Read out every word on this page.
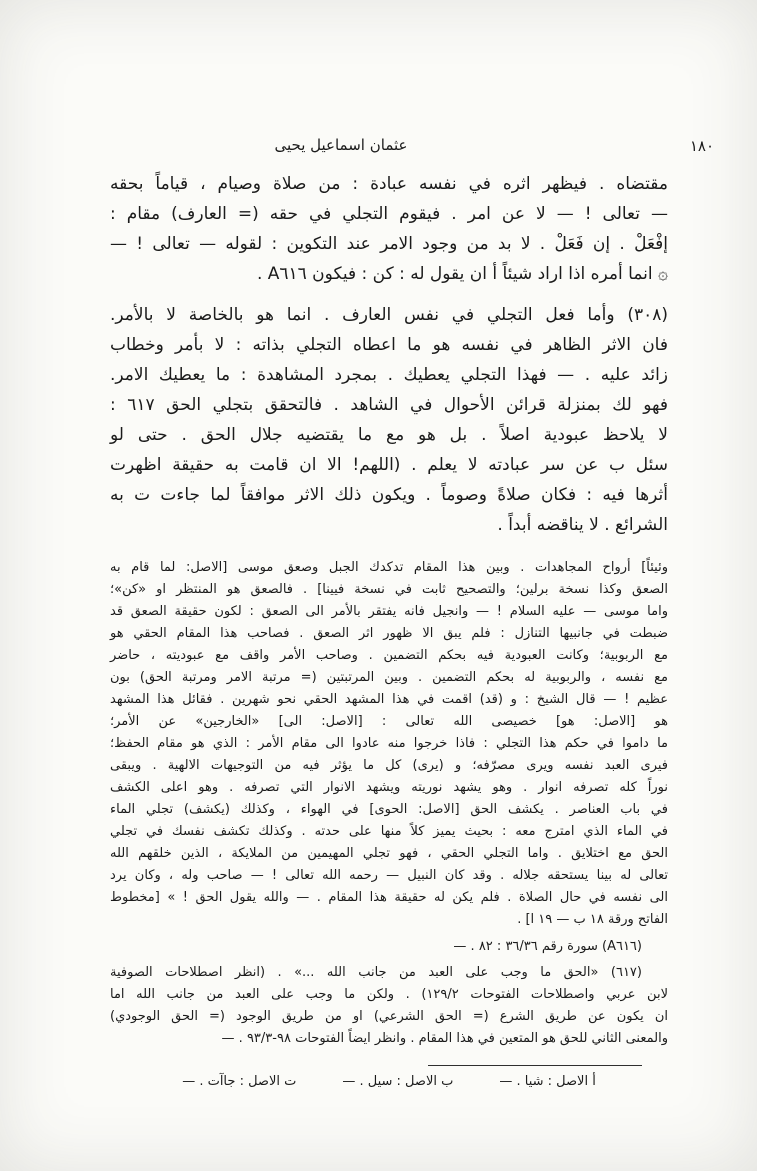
عثمان اسماعيل يحيى	١٨٠
مقتضاه . فيظهر اثره في نفسه عبادة : من صلاة وصيام ، قياماً بحقه
— تعالى ! — لا عن امر . فيقوم التجلي في حقه (= العارف) مقام :
إفْعَلْ . إن فَعَلْ . لا بد من وجود الامر عند التكوين : لقوله — تعالى ! —
۞ انما أمره اذا اراد شيئاً أ ان يقول له : كن : فيكون A٦١٦ .
(٣٠٨) وأما فعل التجلي في نفس العارف . انما هو بالخاصة لا بالأمر.
فان الاثر الظاهر في نفسه هو ما اعطاه التجلي بذاته : لا بأمر وخطاب
زائد عليه . — فهذا التجلي يعطيك . بمجرد المشاهدة : ما يعطيك الامر.
فهو لك بمنزلة قرائن الأحوال في الشاهد . فالتحقق بتجلي الحق ٦١٧ :
لا يلاحظ عبودية اصلاً . بل هو مع ما يقتضيه جلال الحق . حتى لو
سئل ب عن سر عبادته لا يعلم . (اللهم! الا ان قامت به حقيقة اظهرت
أثرها فيه : فكان صلاةً وصوماً . ويكون ذلك الاثر موافقاً لما جاءت ت به
الشرائع . لا يناقضه أبداً .
وئيئاً] أرواح المجاهدات . وبين هذا المقام تدكدك الجبل وصعق موسى [الاصل: لما قام به
الصعق وكذا نسخة برلين؛ والتصحيح ثابت في نسخة فيينا] . فالصعق هو المنتظر او «كن»؛
واما موسى — عليه السلام ! — وانجيل فانه يفتقر بالأمر الى الصعق : لكون حقيقة الصعق قد
ضبطت في جانبيها التنازل : فلم يبق الا ظهور اثر الصعق . فصاحب هذا المقام الحقي هو
مع الربوبية؛ وكانت العبودية فيه بحكم التضمين . وصاحب الأمر واقف مع عبوديته ، حاضر
مع نفسه ، والربوبية له بحكم التضمين . وبين المرتبتين (= مرتبة الامر ومرتبة الحق) بون
عظيم ! — قال الشيخ : و (قد) اقمت في هذا المشهد الحقي نحو شهرين . فقائل هذا المشهد
هو [الاصل: هو] خصيصى الله تعالى : [الاصل: الى] «الخارجين» عن الأمر؛
ما داموا في حكم هذا التجلي : فاذا خرجوا منه عادوا الى مقام الأمر : الذي هو مقام الحفظ؛
فيرى العبد نفسه ويرى مصرّفه؛ و (يرى) كل ما يؤثر فيه من التوجيهات الالهية . ويبقى
نوراً كله تصرفه انوار . وهو يشهد نوريته ويشهد الانوار التي تصرفه . وهو اعلى الكشف
في باب العناصر . يكشف الحق [الاصل: الحوى] في الهواء ، وكذلك (يكشف) تجلي الماء
في الماء الذي امترج معه : بحيث يميز كلاً منها على حدته . وكذلك تكشف نفسك في تجلي
الحق مع اختلايق . واما التجلي الحقي ، فهو تجلي المهيمين من الملايكة ، الذين خلقهم الله
تعالى له بينا يستحقه جلاله . وقد كان النبيل — رحمه الله تعالى ! — صاحب وله ، وكان يرد
الى نفسه في حال الصلاة . فلم يكن له حقيقة هذا المقام . — والله يقول الحق ! » [مخطوط
الفاتح ورقة ١٨ ب — ١٩ ا] .
(A٦١٦) سورة رقم ٣٦/٣٦ : ٨٢ . —
(٦١٧) «الحق ما وجب على العبد من جانب الله ...» . (انظر اصطلاحات الصوفية
لابن عربي واصطلاحات الفتوحات ١٢٩/٢) . ولكن ما وجب على العبد من جانب الله اما
ان يكون عن طريق الشرع (= الحق الشرعي) او من طريق الوجود (= الحق الوجودي)
والمعنى الثاني للحق هو المتعين في هذا المقام . وانظر ايضاً الفتوحات ٩٨-٩٣/٣ . —
أ الاصل : شيا . —
ب الاصل : سيل . —
ت الاصل : جاآت . —
